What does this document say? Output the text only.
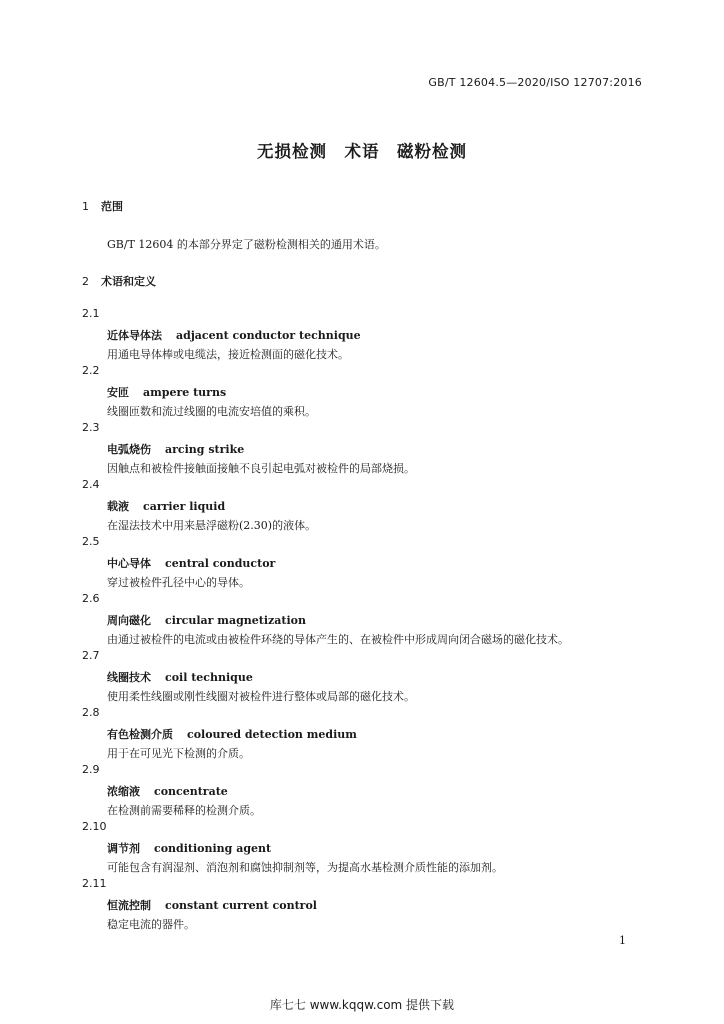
GB/T 12604.5—2020/ISO 12707:2016
无损检测　术语　磁粉检测
1 范围
GB/T 12604 的本部分界定了磁粉检测相关的通用术语。
2 术语和定义
2.1
近体导体法 adjacent conductor technique
用通电导体棒或电缆法，接近检测面的磁化技术。
2.2
安匝 ampere turns
线圈匝数和流过线圈的电流安培值的乘积。
2.3
电弧烧伤 arcing strike
因触点和被检件接触面接触不良引起电弧对被检件的局部烧损。
2.4
载液 carrier liquid
在湿法技术中用来悬浮磁粉(2.30)的液体。
2.5
中心导体 central conductor
穿过被检件孔径中心的导体。
2.6
周向磁化 circular magnetization
由通过被检件的电流或由被检件环绕的导体产生的、在被检件中形成周向闭合磁场的磁化技术。
2.7
线圈技术 coil technique
使用柔性线圈或刚性线圈对被检件进行整体或局部的磁化技术。
2.8
有色检测介质 coloured detection medium
用于在可见光下检测的介质。
2.9
浓缩液 concentrate
在检测前需要稀释的检测介质。
2.10
调节剂 conditioning agent
可能包含有润湿剂、消泡剂和腐蚀抑制剂等，为提高水基检测介质性能的添加剂。
2.11
恒流控制 constant current control
稳定电流的器件。
1
库七七 www.kqqw.com 提供下载
